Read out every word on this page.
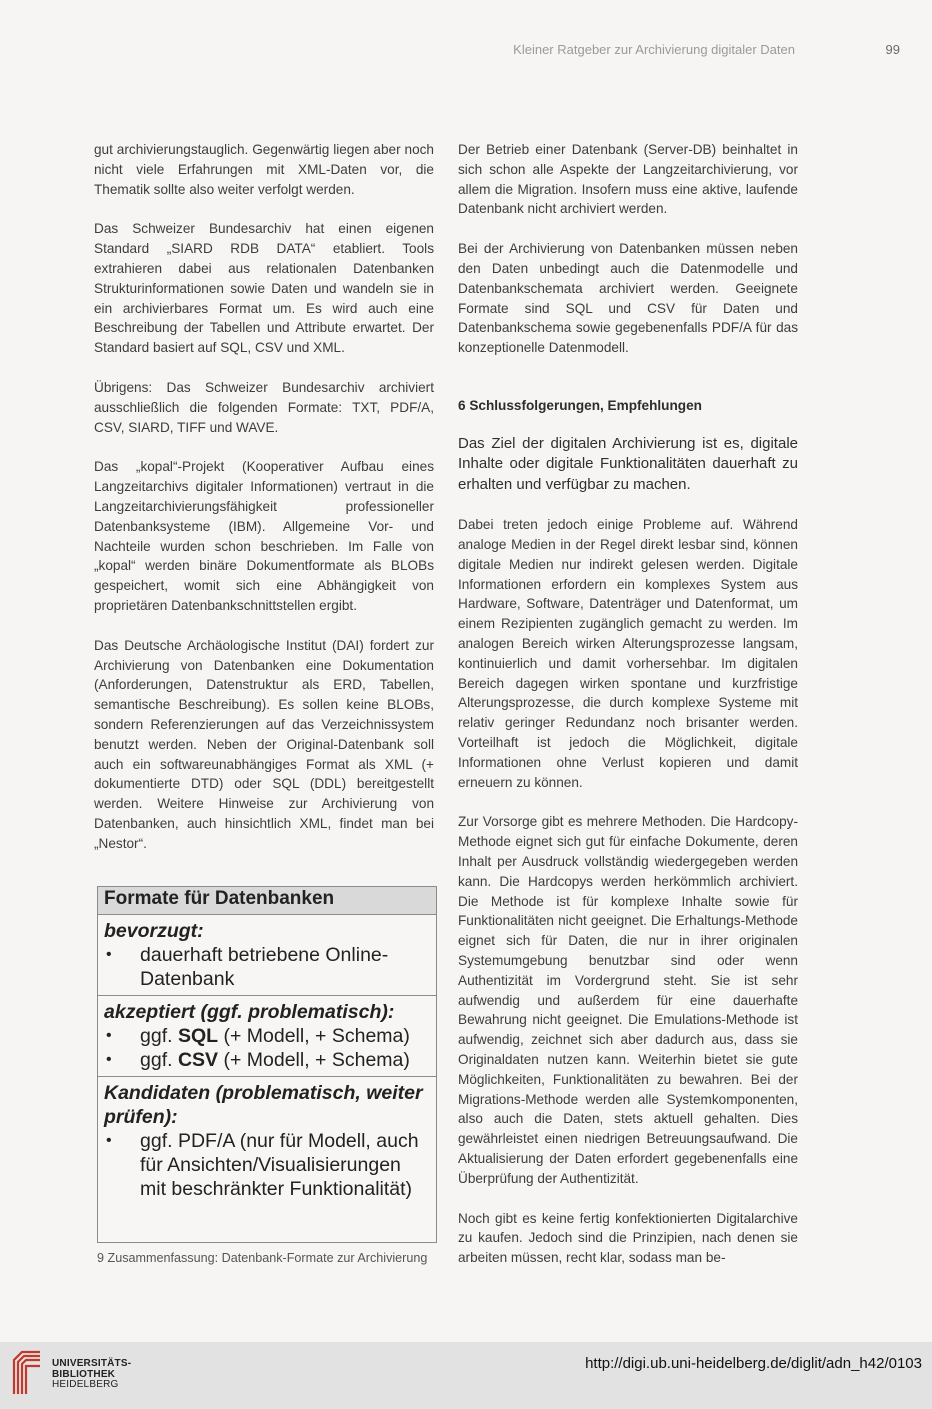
Kleiner Ratgeber zur Archivierung digitaler Daten	99

gut archivierungstauglich. Gegenwärtig liegen aber noch nicht viele Erfahrungen mit XML-Daten vor, die Thematik sollte also weiter verfolgt werden.

Das Schweizer Bundesarchiv hat einen eigenen Standard „SIARD RDB DATA“ etabliert. Tools extrahieren dabei aus relationalen Datenbanken Strukturinformationen sowie Daten und wandeln sie in ein archivierbares Format um. Es wird auch eine Beschreibung der Tabellen und Attribute erwartet. Der Standard basiert auf SQL, CSV und XML.

Übrigens: Das Schweizer Bundesarchiv archiviert ausschließlich die folgenden Formate: TXT, PDF/A, CSV, SIARD, TIFF und WAVE.

Das „kopal“-Projekt (Kooperativer Aufbau eines Langzeitarchivs digitaler Informationen) vertraut in die Langzeitarchivierungsfähigkeit professioneller Datenbanksysteme (IBM). Allgemeine Vor- und Nachteile wurden schon beschrieben. Im Falle von „kopal“ werden binäre Dokumentformate als BLOBs gespeichert, womit sich eine Abhängigkeit von proprietären Datenbankschnittstellen ergibt.

Das Deutsche Archäologische Institut (DAI) fordert zur Archivierung von Datenbanken eine Dokumentation (Anforderungen, Datenstruktur als ERD, Tabellen, semantische Beschreibung). Es sollen keine BLOBs, sondern Referenzierungen auf das Verzeichnissystem benutzt werden. Neben der Original-Datenbank soll auch ein softwareunabhängiges Format als XML (+ dokumentierte DTD) oder SQL (DDL) bereitgestellt werden. Weitere Hinweise zur Archivierung von Datenbanken, auch hinsichtlich XML, findet man bei „Nestor“.

Formate für Datenbanken
bevorzugt:
• dauerhaft betriebene Online-Datenbank
akzeptiert (ggf. problematisch):
• ggf. SQL (+ Modell, + Schema)
• ggf. CSV (+ Modell, + Schema)
Kandidaten (problematisch, weiter prüfen):
• ggf. PDF/A (nur für Modell, auch für Ansichten/Visualisierungen mit beschränkter Funktionalität)
9 Zusammenfassung: Datenbank-Formate zur Archivierung

Der Betrieb einer Datenbank (Server-DB) beinhaltet in sich schon alle Aspekte der Langzeitarchivierung, vor allem die Migration. Insofern muss eine aktive, laufende Datenbank nicht archiviert werden.

Bei der Archivierung von Datenbanken müssen neben den Daten unbedingt auch die Datenmodelle und Datenbankschemata archiviert werden. Geeignete Formate sind SQL und CSV für Daten und Datenbankschema sowie gegebenenfalls PDF/A für das konzeptionelle Datenmodell.

6 Schlussfolgerungen, Empfehlungen

Das Ziel der digitalen Archivierung ist es, digitale Inhalte oder digitale Funktionalitäten dauerhaft zu erhalten und verfügbar zu machen.

Dabei treten jedoch einige Probleme auf. Während analoge Medien in der Regel direkt lesbar sind, können digitale Medien nur indirekt gelesen werden. Digitale Informationen erfordern ein komplexes System aus Hardware, Software, Datenträger und Datenformat, um einem Rezipienten zugänglich gemacht zu werden. Im analogen Bereich wirken Alterungsprozesse langsam, kontinuierlich und damit vorhersehbar. Im digitalen Bereich dagegen wirken spontane und kurzfristige Alterungsprozesse, die durch komplexe Systeme mit relativ geringer Redundanz noch brisanter werden. Vorteilhaft ist jedoch die Möglichkeit, digitale Informationen ohne Verlust kopieren und damit erneuern zu können.

Zur Vorsorge gibt es mehrere Methoden. Die Hardcopy-Methode eignet sich gut für einfache Dokumente, deren Inhalt per Ausdruck vollständig wiedergegeben werden kann. Die Hardcopys werden herkömmlich archiviert. Die Methode ist für komplexe Inhalte sowie für Funktionalitäten nicht geeignet. Die Erhaltungs-Methode eignet sich für Daten, die nur in ihrer originalen Systemumgebung benutzbar sind oder wenn Authentizität im Vordergrund steht. Sie ist sehr aufwendig und außerdem für eine dauerhafte Bewahrung nicht geeignet. Die Emulations-Methode ist aufwendig, zeichnet sich aber dadurch aus, dass sie Originaldaten nutzen kann. Weiterhin bietet sie gute Möglichkeiten, Funktionalitäten zu bewahren. Bei der Migrations-Methode werden alle Systemkomponenten, also auch die Daten, stets aktuell gehalten. Dies gewährleistet einen niedrigen Betreuungsaufwand. Die Aktualisierung der Daten erfordert gegebenenfalls eine Überprüfung der Authentizität.

Noch gibt es keine fertig konfektionierten Digitalarchive zu kaufen. Jedoch sind die Prinzipien, nach denen sie arbeiten müssen, recht klar, sodass man be-

UNIVERSITÄTS-
BIBLIOTHEK
HEIDELBERG
http://digi.ub.uni-heidelberg.de/diglit/adn_h42/0103
